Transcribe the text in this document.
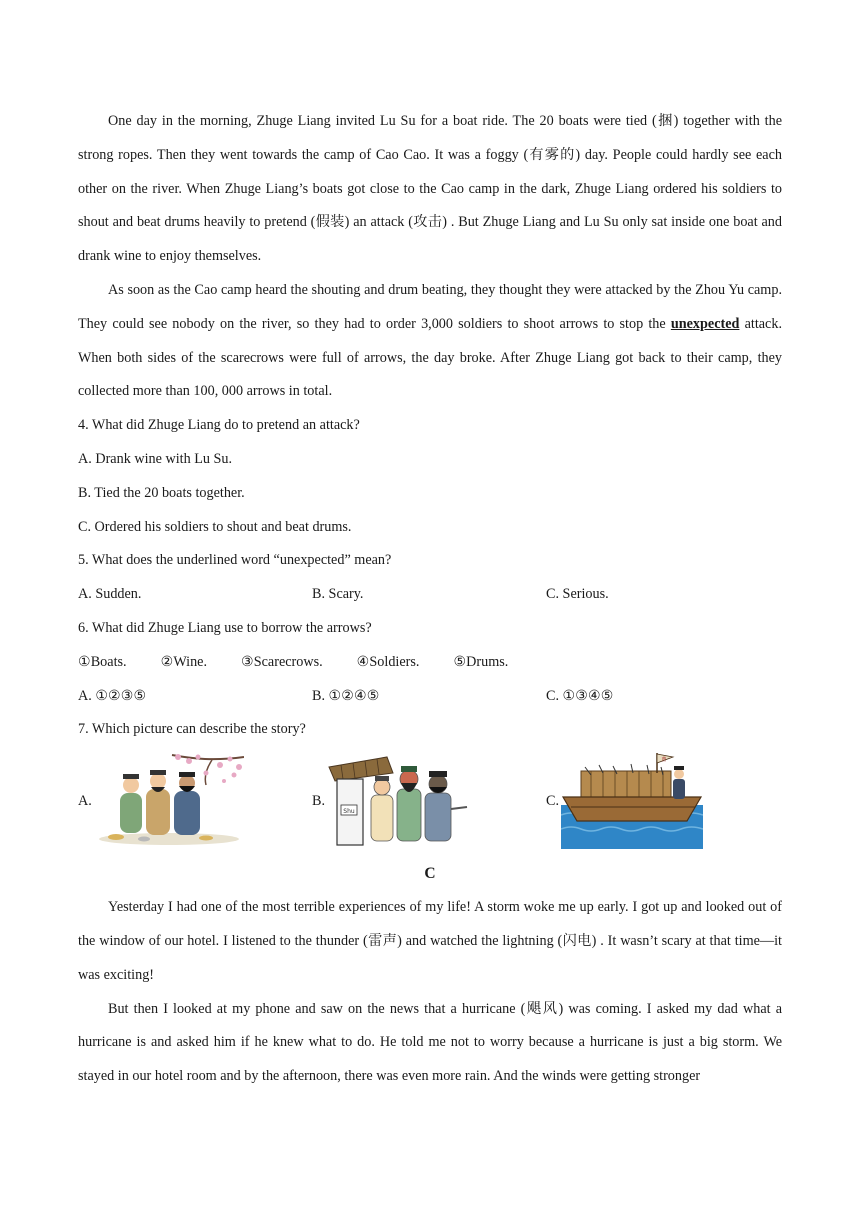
One day in the morning, Zhuge Liang invited Lu Su for a boat ride. The 20 boats were tied (捆) together with the strong ropes. Then they went towards the camp of Cao Cao. It was a foggy (有雾的) day. People could hardly see each other on the river. When Zhuge Liang’s boats got close to the Cao camp in the dark, Zhuge Liang ordered his soldiers to shout and beat drums heavily to pretend (假装) an attack (攻击) . But Zhuge Liang and Lu Su only sat inside one boat and drank wine to enjoy themselves.

As soon as the Cao camp heard the shouting and drum beating, they thought they were attacked by the Zhou Yu camp. They could see nobody on the river, so they had to order 3,000 soldiers to shoot arrows to stop the unexpected attack. When both sides of the scarecrows were full of arrows, the day broke. After Zhuge Liang got back to their camp, they collected more than 100, 000 arrows in total.

4. What did Zhuge Liang do to pretend an attack?

A. Drank wine with Lu Su.

B. Tied the 20 boats together.

C. Ordered his soldiers to shout and beat drums.

5. What does the underlined word “unexpected” mean?

A. Sudden.	B. Scary.	C. Serious.

6. What did Zhuge Liang use to borrow the arrows?

①Boats. ②Wine. ③Scarecrows. ④Soldiers. ⑤Drums.
A. ①②③⑤	B. ①②④⑤	C. ①③④⑤

7. Which picture can describe the story?

A.	B.
Shu
C.
曹

C

Yesterday I had one of the most terrible experiences of my life! A storm woke me up early. I got up and looked out of the window of our hotel. I listened to the thunder (雷声) and watched the lightning (闪电) . It wasn’t scary at that time—it was exciting!

But then I looked at my phone and saw on the news that a hurricane (飓风) was coming. I asked my dad what a hurricane is and asked him if he knew what to do. He told me not to worry because a hurricane is just a big storm. We stayed in our hotel room and by the afternoon, there was even more rain. And the winds were getting stronger
